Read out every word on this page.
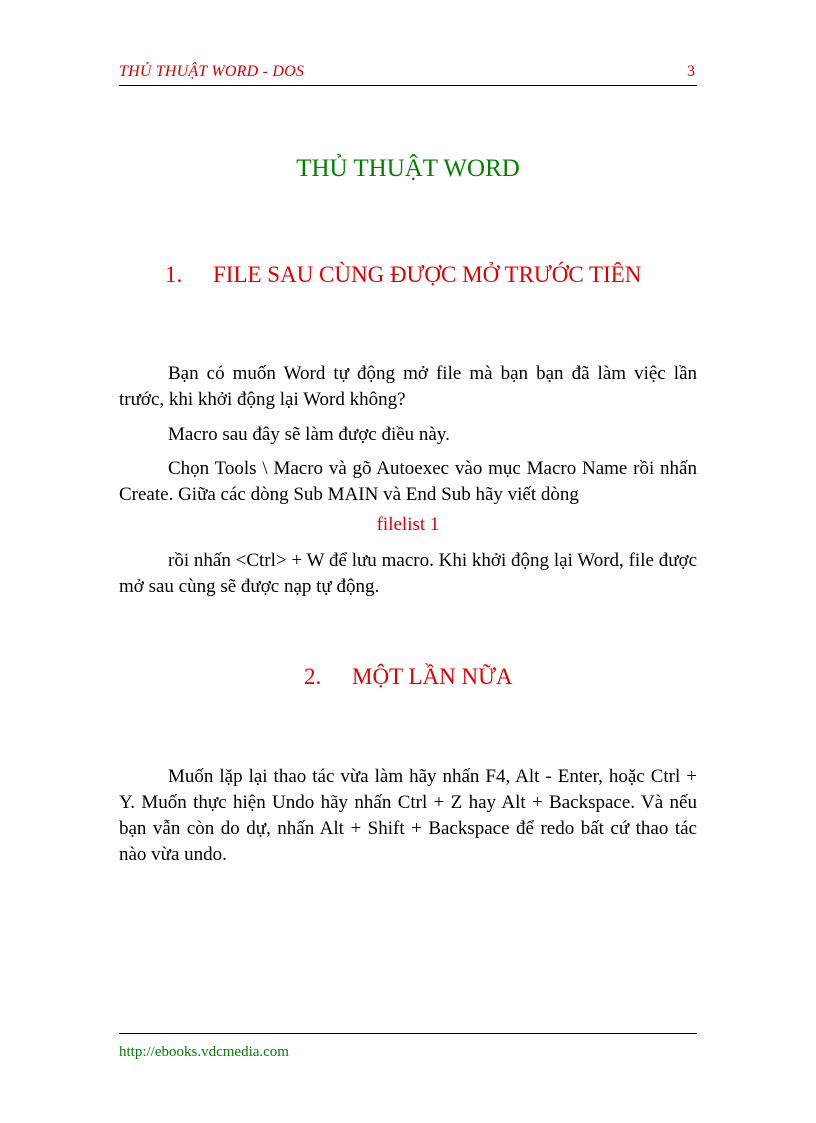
THỦ THUẬT WORD - DOS	3
THỦ THUẬT WORD
1. FILE SAU CÙNG ĐƯỢC MỞ TRƯỚC TIÊN

Bạn có muốn Word tự động mở file mà bạn bạn đã làm việc lần trước, khi khởi động lại Word không?

Macro sau đây sẽ làm được điều này.

Chọn Tools \ Macro và gõ Autoexec vào mục Macro Name rồi nhấn Create. Giữa các dòng Sub MAIN và End Sub hãy viết dòng

filelist 1

rồi nhấn <Ctrl> + W để lưu macro. Khi khởi động lại Word, file được mở sau cùng sẽ được nạp tự động.

2. MỘT LẦN NỮA

Muốn lặp lại thao tác vừa làm hãy nhấn F4, Alt - Enter, hoặc Ctrl + Y. Muốn thực hiện Undo hãy nhấn Ctrl + Z hay Alt + Backspace. Và nếu bạn vẫn còn do dự, nhấn Alt + Shift + Backspace để redo bất cứ thao tác nào vừa undo.

http://ebooks.vdcmedia.com
